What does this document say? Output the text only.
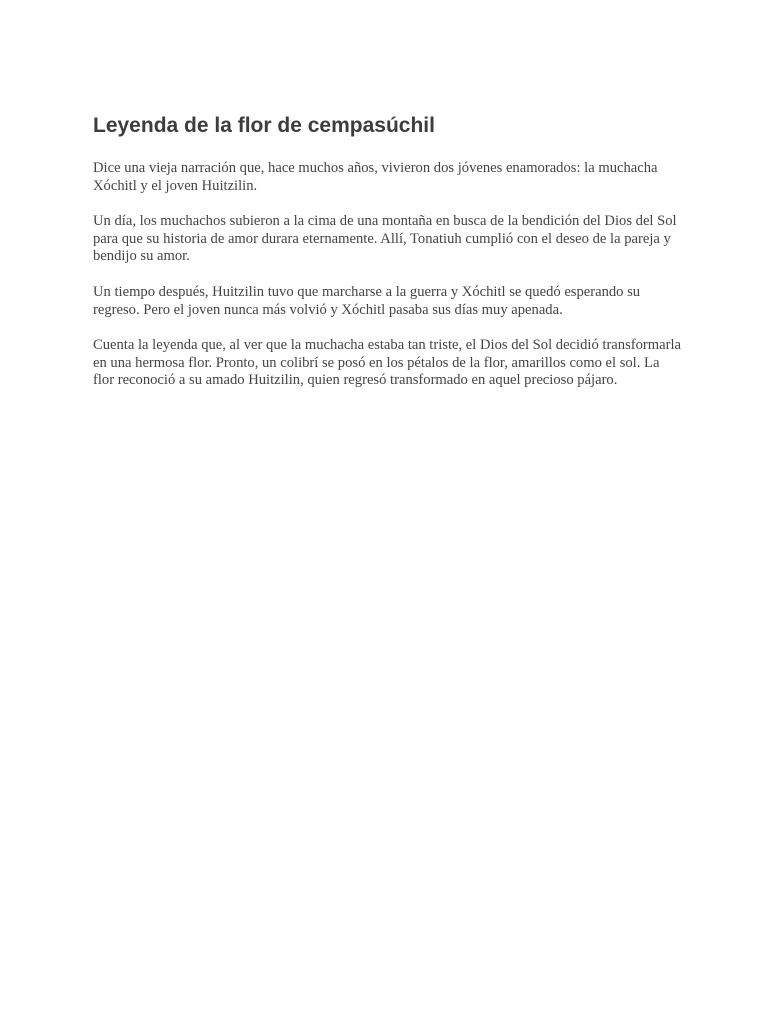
Leyenda de la flor de cempasúchil

Dice una vieja narración que, hace muchos años, vivieron dos jóvenes enamorados: la muchacha Xóchitl y el joven Huitzilin.

Un día, los muchachos subieron a la cima de una montaña en busca de la bendición del Dios del Sol para que su historia de amor durara eternamente. Allí, Tonatiuh cumplió con el deseo de la pareja y bendijo su amor.

Un tiempo después, Huitzilin tuvo que marcharse a la guerra y Xóchitl se quedó esperando su regreso. Pero el joven nunca más volvió y Xóchitl pasaba sus días muy apenada.

Cuenta la leyenda que, al ver que la muchacha estaba tan triste, el Dios del Sol decidió transformarla en una hermosa flor. Pronto, un colibrí se posó en los pétalos de la flor, amarillos como el sol. La flor reconoció a su amado Huitzilin, quien regresó transformado en aquel precioso pájaro.
